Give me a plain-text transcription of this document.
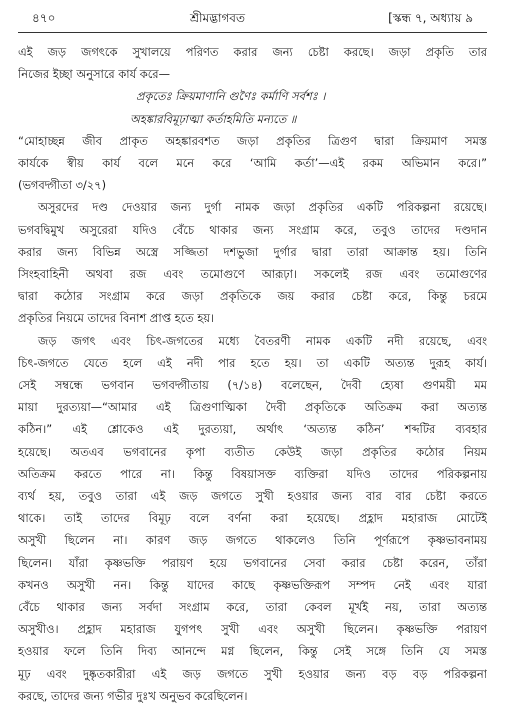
৪৭০	শ্রীমদ্ভাগবত	[স্কন্ধ ৭, অধ্যায় ৯
এই জড় জগৎকে সুখালয়ে পরিণত করার জন্য চেষ্টা করছে। জড়া প্রকৃতি তার
নিজের ইচ্ছা অনুসারে কার্য করে—
প্রকৃতেঃ ক্রিয়মাণানি গুণৈঃ কর্মাণি সর্বশঃ ।
অহঙ্কারবিমূঢ়াত্মা কর্তাহমিতি মন্যতে ॥
“মোহাচ্ছন্ন জীব প্রাকৃত অহঙ্কারবশত জড়া প্রকৃতির ত্রিগুণ দ্বারা ক্রিয়মাণ সমস্ত
কার্যকে স্বীয় কার্য বলে মনে করে ‘আমি কর্তা’—এই রকম অভিমান করে।”
(ভগবদ্গীতা ৩/২৭)
অসুরদের দণ্ড দেওয়ার জন্য দুর্গা নামক জড়া প্রকৃতির একটি পরিকল্পনা রয়েছে।
ভগবদ্বিমুখ অসুরেরা যদিও বেঁচে থাকার জন্য সংগ্রাম করে, তবুও তাদের দণ্ডদান
করার জন্য বিভিন্ন অস্ত্রে সজ্জিতা দশভুজা দুর্গার দ্বারা তারা আক্রান্ত হয়। তিনি
সিংহবাহিনী অথবা রজ এবং তমোগুণে আরূঢ়া। সকলেই রজ এবং তমোগুণের
দ্বারা কঠোর সংগ্রাম করে জড়া প্রকৃতিকে জয় করার চেষ্টা করে, কিন্তু চরমে
প্রকৃতির নিয়মে তাদের বিনাশ প্রাপ্ত হতে হয়।
জড় জগৎ এবং চিৎ-জগতের মধ্যে বৈতরণী নামক একটি নদী রয়েছে, এবং
চিৎ-জগতে যেতে হলে এই নদী পার হতে হয়। তা একটি অত্যন্ত দুরূহ কার্য।
সেই সম্বন্ধে ভগবান ভগবদ্গীতায় (৭/১৪) বলেছেন, দৈবী হ্যেষা গুণময়ী মম
মায়া দুরত্যয়া—“আমার এই ত্রিগুণাত্মিকা দৈবী প্রকৃতিকে অতিক্রম করা অত্যন্ত
কঠিন।” এই শ্লোকেও এই দুরত্যয়া, অর্থাৎ ‘অত্যন্ত কঠিন’ শব্দটির ব্যবহার
হয়েছে। অতএব ভগবানের কৃপা ব্যতীত কেউই জড়া প্রকৃতির কঠোর নিয়ম
অতিক্রম করতে পারে না। কিন্তু বিষয়াসক্ত ব্যক্তিরা যদিও তাদের পরিকল্পনায়
ব্যর্থ হয়, তবুও তারা এই জড় জগতে সুখী হওয়ার জন্য বার বার চেষ্টা করতে
থাকে। তাই তাদের বিমূঢ় বলে বর্ণনা করা হয়েছে। প্রহ্লাদ মহারাজ মোটেই
অসুখী ছিলেন না। কারণ জড় জগতে থাকলেও তিনি পূর্ণরূপে কৃষ্ণভাবনাময়
ছিলেন। যাঁরা কৃষ্ণভক্তি পরায়ণ হয়ে ভগবানের সেবা করার চেষ্টা করেন, তাঁরা
কখনও অসুখী নন। কিন্তু যাদের কাছে কৃষ্ণভক্তিরূপ সম্পদ নেই এবং যারা
বেঁচে থাকার জন্য সর্বদা সংগ্রাম করে, তারা কেবল মূর্খই নয়, তারা অত্যন্ত
অসুখীও। প্রহ্লাদ মহারাজ যুগপৎ সুখী এবং অসুখী ছিলেন। কৃষ্ণভক্তি পরায়ণ
হওয়ার ফলে তিনি দিব্য আনন্দে মগ্ন ছিলেন, কিন্তু সেই সঙ্গে তিনি যে সমস্ত
মূঢ় এবং দুষ্কৃতকারীরা এই জড় জগতে সুখী হওয়ার জন্য বড় বড় পরিকল্পনা
করছে, তাদের জন্য গভীর দুঃখ অনুভব করেছিলেন।
